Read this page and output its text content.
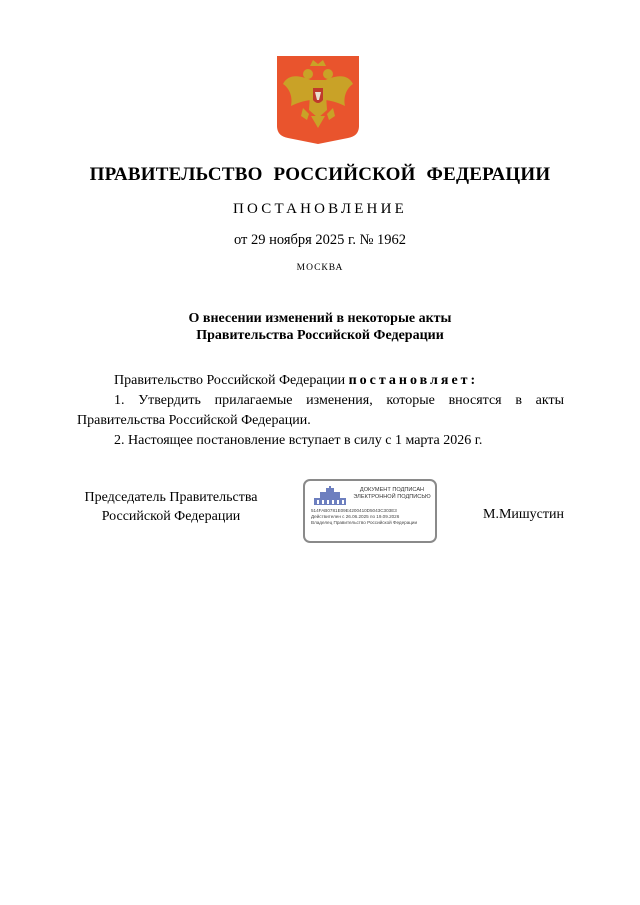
ПРАВИТЕЛЬСТВО РОССИЙСКОЙ ФЕДЕРАЦИИ
ПОСТАНОВЛЕНИЕ
от 29 ноября 2025 г. № 1962
МОСКВА
О внесении изменений в некоторые акты
Правительства Российской Федерации

Правительство Российской Федерации постановляет:

1. Утвердить прилагаемые изменения, которые вносятся в акты Правительства Российской Федерации.

2. Настоящее постановление вступает в силу с 1 марта 2026 г.

Председатель Правительства
Российской Федерации
ДОКУМЕНТ ПОДПИСАН
ЭЛЕКТРОННОЙ ПОДПИСЬЮ
514FAB0781E09E4200410D5043C303E3
Действителен с 26.06.2025 по 19.09.2026
Владелец Правительство Российской Федерации
М.Мишустин
